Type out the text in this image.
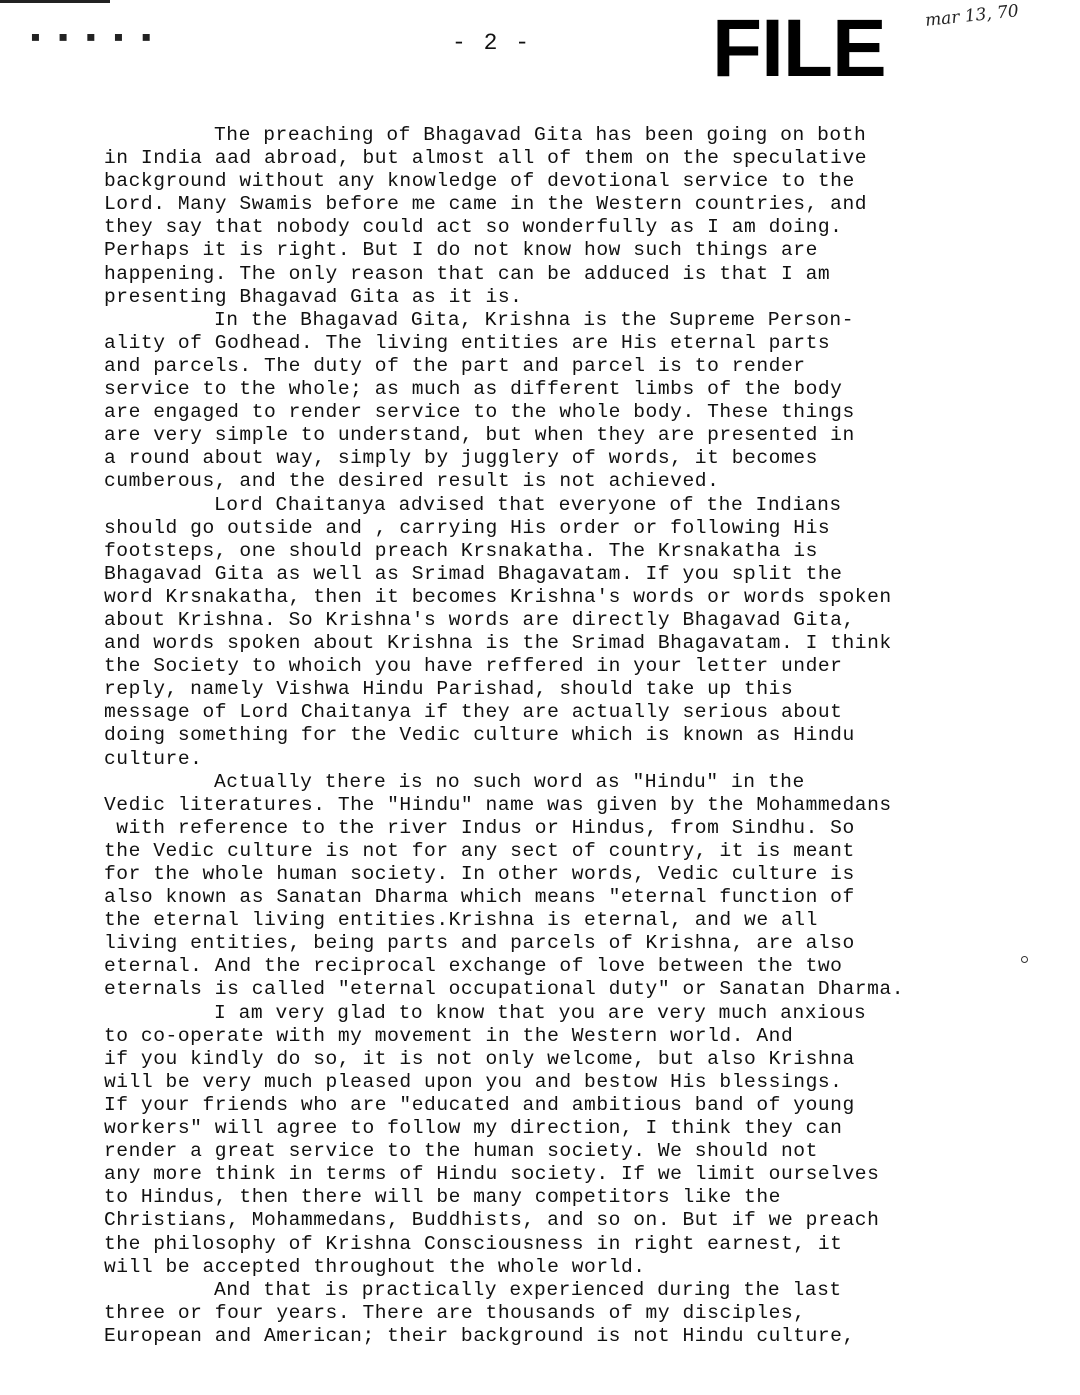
▪ ▪ ▪ ▪ ▪	- 2 - FILE mar 13, 70
The preaching of Bhagavad Gita has been going on both
in India aad abroad, but almost all of them on the speculative
background without any knowledge of devotional service to the
Lord. Many Swamis before me came in the Western countries, and
they say that nobody could act so wonderfully as I am doing.
Perhaps it is right. But I do not know how such things are
happening. The only reason that can be adduced is that I am
presenting Bhagavad Gita as it is.
In the Bhagavad Gita, Krishna is the Supreme Person-
ality of Godhead. The living entities are His eternal parts
and parcels. The duty of the part and parcel is to render
service to the whole; as much as different limbs of the body
are engaged to render service to the whole body. These things
are very simple to understand, but when they are presented in
a round about way, simply by jugglery of words, it becomes
cumberous, and the desired result is not achieved.
Lord Chaitanya advised that everyone of the Indians
should go outside and , carrying His order or following His
footsteps, one should preach Krsnakatha. The Krsnakatha is
Bhagavad Gita as well as Srimad Bhagavatam. If you split the
word Krsnakatha, then it becomes Krishna's words or words spoken
about Krishna. So Krishna's words are directly Bhagavad Gita,
and words spoken about Krishna is the Srimad Bhagavatam. I think
the Society to whoich you have reffered in your letter under
reply, namely Vishwa Hindu Parishad, should take up this
message of Lord Chaitanya if they are actually serious about
doing something for the Vedic culture which is known as Hindu
culture.
Actually there is no such word as "Hindu" in the
Vedic literatures. The "Hindu" name was given by the Mohammedans
with reference to the river Indus or Hindus, from Sindhu. So
the Vedic culture is not for any sect of country, it is meant
for the whole human society. In other words, Vedic culture is
also known as Sanatan Dharma which means "eternal function of
the eternal living entities.Krishna is eternal, and we all
living entities, being parts and parcels of Krishna, are also
eternal. And the reciprocal exchange of love between the two
eternals is called "eternal occupational duty" or Sanatan Dharma.
I am very glad to know that you are very much anxious
to co-operate with my movement in the Western world. And
if you kindly do so, it is not only welcome, but also Krishna
will be very much pleased upon you and bestow His blessings.
If your friends who are "educated and ambitious band of young
workers" will agree to follow my direction, I think they can
render a great service to the human society. We should not
any more think in terms of Hindu society. If we limit ourselves
to Hindus, then there will be many competitors like the
Christians, Mohammedans, Buddhists, and so on. But if we preach
the philosophy of Krishna Consciousness in right earnest, it
will be accepted throughout the whole world.
And that is practically experienced during the last
three or four years. There are thousands of my disciples,
European and American; their background is not Hindu culture,
